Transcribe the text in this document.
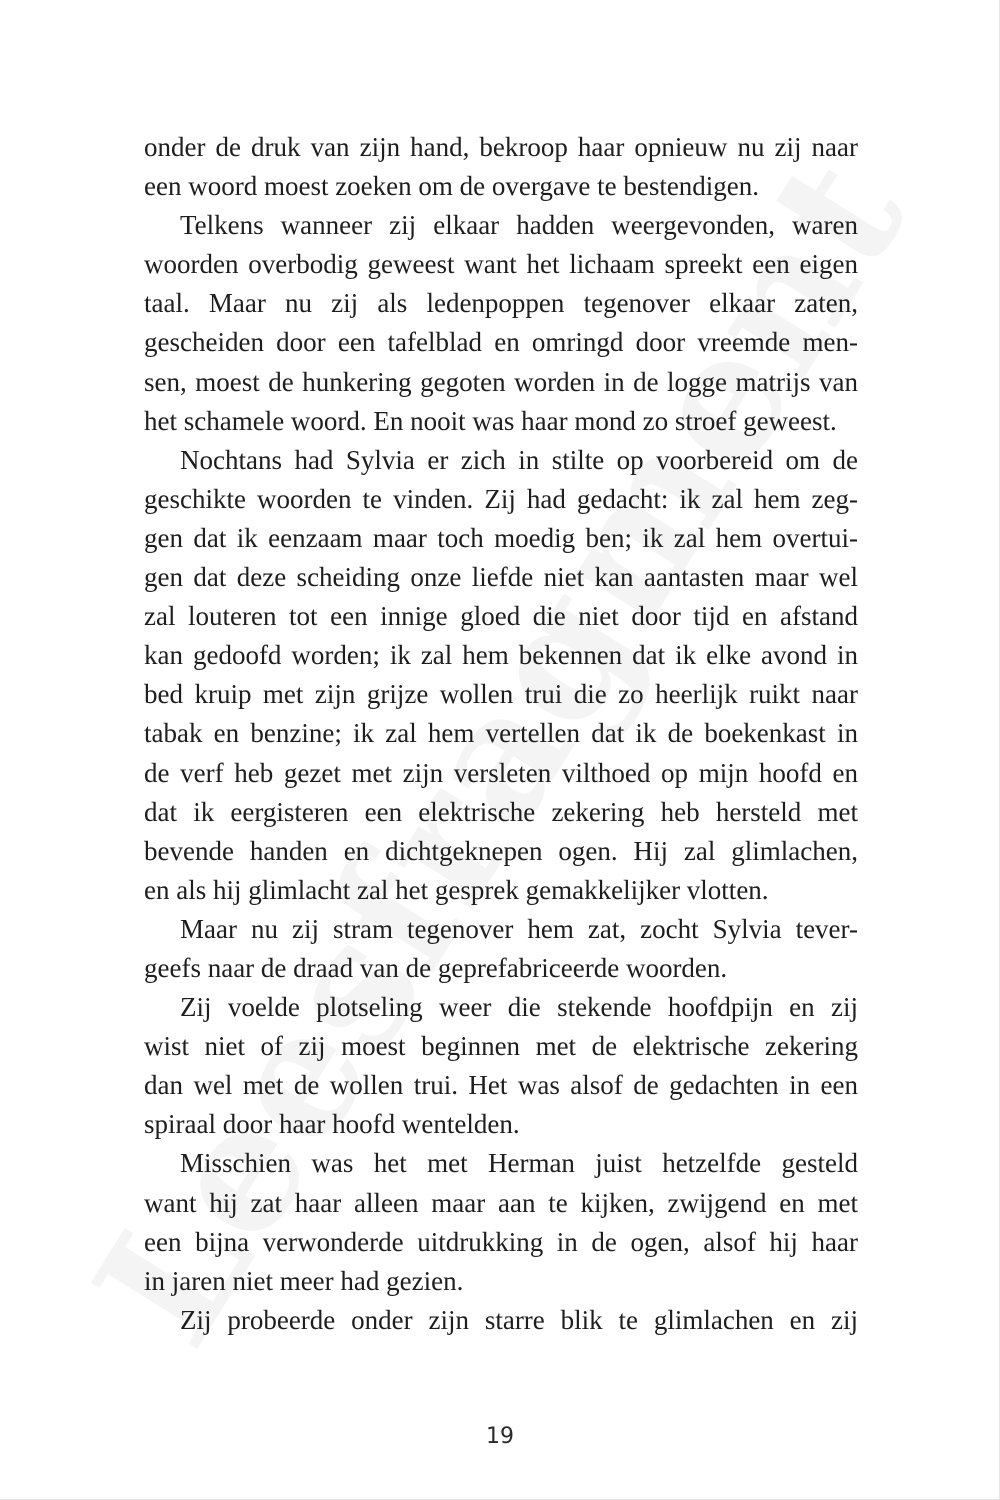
onder de druk van zijn hand, bekroop haar opnieuw nu zij naar
een woord moest zoeken om de overgave te bestendigen.
Telkens wanneer zij elkaar hadden weergevonden, waren
woorden overbodig geweest want het lichaam spreekt een eigen
taal. Maar nu zij als ledenpoppen tegenover elkaar zaten,
gescheiden door een tafelblad en omringd door vreemde men-
sen, moest de hunkering gegoten worden in de logge matrijs van
het schamele woord. En nooit was haar mond zo stroef geweest.
Nochtans had Sylvia er zich in stilte op voorbereid om de
geschikte woorden te vinden. Zij had gedacht: ik zal hem zeg-
gen dat ik eenzaam maar toch moedig ben; ik zal hem overtui-
gen dat deze scheiding onze liefde niet kan aantasten maar wel
zal louteren tot een innige gloed die niet door tijd en afstand
kan gedoofd worden; ik zal hem bekennen dat ik elke avond in
bed kruip met zijn grijze wollen trui die zo heerlijk ruikt naar
tabak en benzine; ik zal hem vertellen dat ik de boekenkast in
de verf heb gezet met zijn versleten vilthoed op mijn hoofd en
dat ik eergisteren een elektrische zekering heb hersteld met
bevende handen en dichtgeknepen ogen. Hij zal glimlachen,
en als hij glimlacht zal het gesprek gemakkelijker vlotten.
Maar nu zij stram tegenover hem zat, zocht Sylvia tever-
geefs naar de draad van de geprefabriceerde woorden.
Zij voelde plotseling weer die stekende hoofdpijn en zij
wist niet of zij moest beginnen met de elektrische zekering
dan wel met de wollen trui. Het was alsof de gedachten in een
spiraal door haar hoofd wentelden.
Misschien was het met Herman juist hetzelfde gesteld
want hij zat haar alleen maar aan te kijken, zwijgend en met
een bijna verwonderde uitdrukking in de ogen, alsof hij haar
in jaren niet meer had gezien.
Zij probeerde onder zijn starre blik te glimlachen en zij
19
